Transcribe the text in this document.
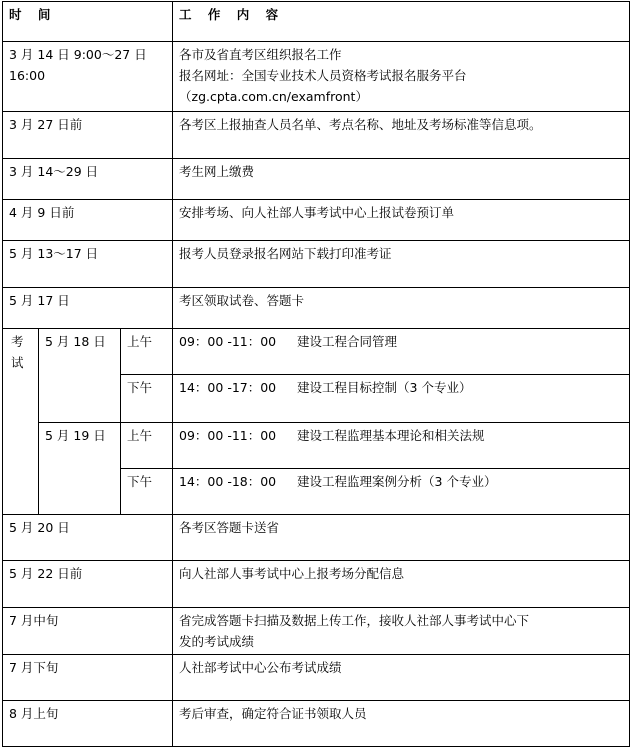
时 间			工 作 内 容
3 月 14 日 9:00～27 日 16:00			各市及省直考区组织报名工作
报名网址：全国专业技术人员资格考试报名服务平台
（zg.cpta.com.cn/examfront）

3 月 27 日前			各考区上报抽查人员名单、考点名称、地址及考场标准等信息项。
3 月 14～29 日			考生网上缴费
4 月 9 日前			安排考场、向人社部人事考试中心上报试卷预订单
5 月 13～17 日			报考人员登录报名网站下载打印准考证
5 月 17 日			考区领取试卷、答题卡

考
试	5 月 18 日	上午	09：00 -11：00 建设工程合同管理
		下午	14：00 -17：00 建设工程目标控制（3 个专业）
	5 月 19 日	上午	09：00 -11：00 建设工程监理基本理论和相关法规
		下午	14：00 -18：00 建设工程监理案例分析（3 个专业）
5 月 20 日			各考区答题卡送省
5 月 22 日前			向人社部人事考试中心上报考场分配信息
7 月中旬			省完成答题卡扫描及数据上传工作，接收人社部人事考试中心下
发的考试成绩

7 月下旬			人社部考试中心公布考试成绩
8 月上旬			考后审查，确定符合证书领取人员
